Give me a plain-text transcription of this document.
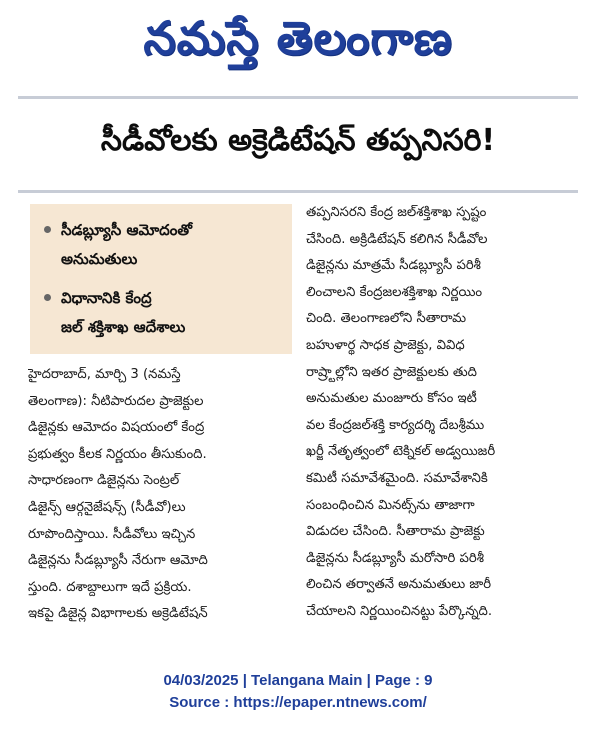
నమస్తే తెలంగాణ
సీడీవోలకు అక్రెడిటేషన్ తప్పనిసరి!
సీడబ్ల్యూసీ ఆమోదంతో
అనుమతులు
విధానానికి కేంద్ర
జల్ శక్తిశాఖ ఆదేశాలు
హైదరాబాద్, మార్చి 3 (నమస్తే
తెలంగాణ): నీటిపారుదల ప్రాజెక్టుల
డిజైన్లకు ఆమోదం విషయంలో కేంద్ర
ప్రభుత్వం కీలక నిర్ణయం తీసుకుంది.
సాధారణంగా డిజైన్లను సెంట్రల్
డిజైన్స్ ఆర్గనైజేషన్స్ (సీడీవో)లు
రూపొందిస్తాయి. సీడీవోలు ఇచ్చిన
డిజైన్లను సీడబ్ల్యూసీ నేరుగా ఆమోది
స్తుంది. దశాబ్దాలుగా ఇదే ప్రక్రియ.
ఇకపై డిజైన్ల విభాగాలకు అక్రెడిటేషన్
తప్పనిసరని కేంద్ర జల్‌శక్తిశాఖ స్పష్టం
చేసింది. అక్రిడిటేషన్ కలిగిన సీడీవోల
డిజైన్లను మాత్రమే సీడబ్ల్యూసీ పరిశీ
లించాలని కేంద్రజలశక్తిశాఖ నిర్ణయిం
చింది. తెలంగాణలోని సీతారామ
బహుళార్థ సాధక ప్రాజెక్టు, వివిధ
రాష్ర్టాల్లోని ఇతర ప్రాజెక్టులకు తుది
అనుమతుల మంజూరు కోసం ఇటీ
వల కేంద్రజల్‌శక్తి కార్యదర్శి దేబశ్రీము
ఖర్జీ నేతృత్వంలో టెక్నికల్ అడ్వయిజరీ
కమిటీ సమావేశమైంది. సమావేశానికి
సంబంధించిన మినట్స్‌ను తాజాగా
విడుదల చేసింది. సీతారామ ప్రాజెక్టు
డిజైన్లను సీడబ్ల్యూసీ మరోసారి పరిశీ
లించిన తర్వాతనే అనుమతులు జారీ
చేయాలని నిర్ణయించినట్టు పేర్కొన్నది.
04/03/2025 | Telangana Main | Page : 9
Source : https://epaper.ntnews.com/
